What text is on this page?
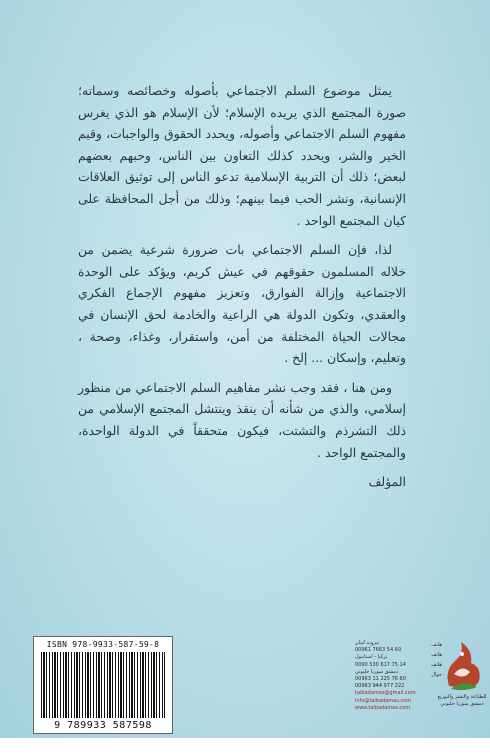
يمثل موضوع السلم الاجتماعي بأصوله وخصائصه وسماته؛ صورة المجتمع الذي يريده الإسلام؛ لأن الإسلام هو الذي يغرس مفهوم السلم الاجتماعي وأصوله، ويحدد الحقوق والواجبات، وقيم الخير والشر، ويحدد كذلك التعاون بين الناس، وحبهم بعضهم لبعض؛ ذلك أن التربية الإسلامية تدعو الناس إلى توثيق العلاقات الإنسانية، ونشر الحب فيما بينهم؛ وذلك من أجل المحافظة على كيان المجتمع الواحد .

لذا، فإن السلم الاجتماعي بات ضرورة شرعية يضمن من خلاله المسلمون حقوقهم في عيش كريم، ويؤكد على الوحدة الاجتماعية وإزالة الفوارق، وتعزيز مفهوم الإجماع الفكري والعقدي، وتكون الدولة هي الراعية والخادمة لحق الإنسان في مجالات الحياة المختلفة من أمن، واستقرار، وغذاء، وصحة ، وتعليم، وإسكان ... إلخ .

ومن هنا ، فقد وجب نشر مفاهيم السلم الاجتماعي من منظور إسلامي، والذي من شأنه أن ينقذ وينتشل المجتمع الإسلامي من ذلك التشرذم والتشتت، فيكون متحققاً في الدولة الواحدة، والمجتمع الواحد .

المؤلف

ISBN 978-9933-587-59-8
9 789933 587598
بيروت لبنان
00961 7663 54 60
تركيا - استانبول
0090 530 617 75 14
دمشق سوريا حلبوني
00963 11 225 76 60
00963 944 977 222
taibadamas@gmail.com
info@taibadamas.com
www.taibadamas.com
هاتف
هاتف
هاتف
جوال
للطباعة والنشر والتوزيع
دمشق سوريا حلبوني
